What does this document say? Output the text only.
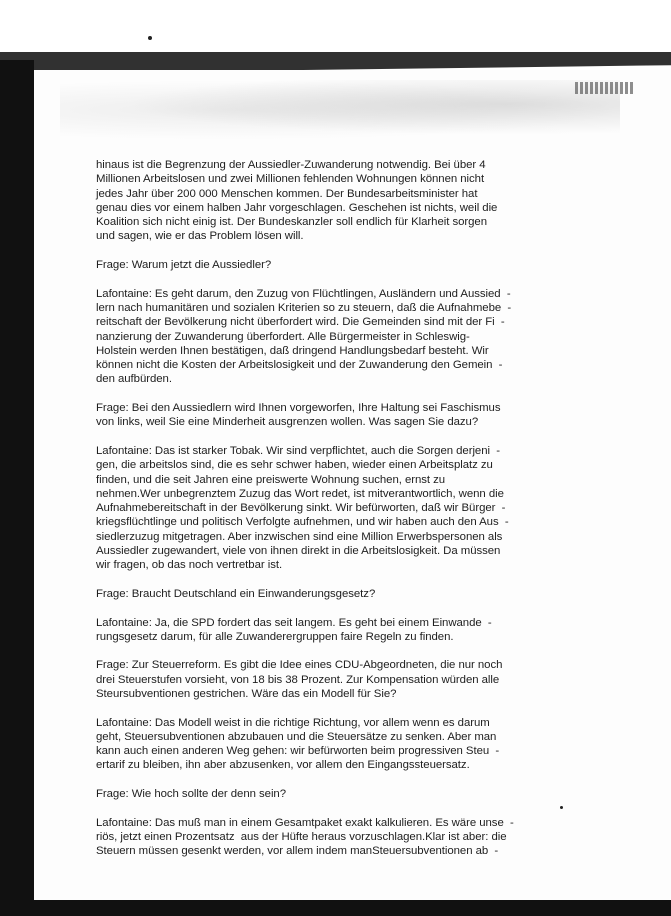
hinaus ist die Begrenzung der Aussiedler-Zuwanderung notwendig. Bei über 4
Millionen Arbeitslosen und zwei Millionen fehlenden Wohnungen können nicht
jedes Jahr über 200 000 Menschen kommen. Der Bundesarbeitsminister hat
genau dies vor einem halben Jahr vorgeschlagen. Geschehen ist nichts, weil die
Koalition sich nicht einig ist. Der Bundeskanzler soll endlich für Klarheit sorgen
und sagen, wie er das Problem lösen will.
Frage: Warum jetzt die Aussiedler?
Lafontaine: Es geht darum, den Zuzug von Flüchtlingen, Ausländern und Aussied  -
lern nach humanitären und sozialen Kriterien so zu steuern, daß die Aufnahmebe  -
reitschaft der Bevölkerung nicht überfordert wird. Die Gemeinden sind mit der Fi  -
nanzierung der Zuwanderung überfordert. Alle Bürgermeister in Schleswig-
Holstein werden Ihnen bestätigen, daß dringend Handlungsbedarf besteht. Wir
können nicht die Kosten der Arbeitslosigkeit und der Zuwanderung den Gemein  -
den aufbürden.
Frage: Bei den Aussiedlern wird Ihnen vorgeworfen, Ihre Haltung sei Faschismus
von links, weil Sie eine Minderheit ausgrenzen wollen. Was sagen Sie dazu?
Lafontaine: Das ist starker Tobak. Wir sind verpflichtet, auch die Sorgen derjeni  -
gen, die arbeitslos sind, die es sehr schwer haben, wieder einen Arbeitsplatz zu
finden, und die seit Jahren eine preiswerte Wohnung suchen, ernst zu
nehmen.Wer unbegrenztem Zuzug das Wort redet, ist mitverantwortlich, wenn die
Aufnahmebereitschaft in der Bevölkerung sinkt. Wir befürworten, daß wir Bürger  -
kriegsflüchtlinge und politisch Verfolgte aufnehmen, und wir haben auch den Aus  -
siedlerzuzug mitgetragen. Aber inzwischen sind eine Million Erwerbspersonen als
Aussiedler zugewandert, viele von ihnen direkt in die Arbeitslosigkeit. Da müssen
wir fragen, ob das noch vertretbar ist.
Frage: Braucht Deutschland ein Einwanderungsgesetz?
Lafontaine: Ja, die SPD fordert das seit langem. Es geht bei einem Einwande  -
rungsgesetz darum, für alle Zuwanderergruppen faire Regeln zu finden.
Frage: Zur Steuerreform. Es gibt die Idee eines CDU-Abgeordneten, die nur noch
drei Steuerstufen vorsieht, von 18 bis 38 Prozent. Zur Kompensation würden alle
Steursubventionen gestrichen. Wäre das ein Modell für Sie?
Lafontaine: Das Modell weist in die richtige Richtung, vor allem wenn es darum
geht, Steuersubventionen abzubauen und die Steuersätze zu senken. Aber man
kann auch einen anderen Weg gehen: wir befürworten beim progressiven Steu  -
ertarif zu bleiben, ihn aber abzusenken, vor allem den Eingangssteuersatz.
Frage: Wie hoch sollte der denn sein?
Lafontaine: Das muß man in einem Gesamtpaket exakt kalkulieren. Es wäre unse  -
riös, jetzt einen Prozentsatz  aus der Hüfte heraus vorzuschlagen.Klar ist aber: die
Steuern müssen gesenkt werden, vor allem indem manSteuersubventionen ab  -
